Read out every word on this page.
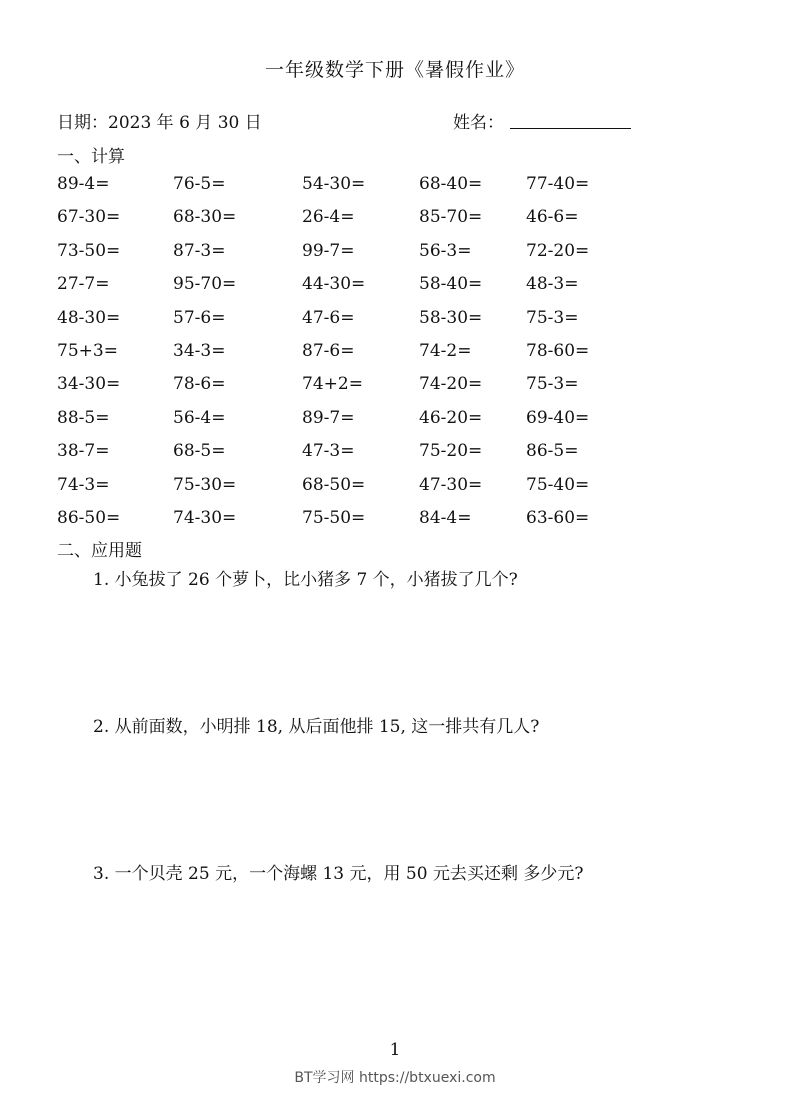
一年级数学下册《暑假作业》
日期：2023 年 6 月 30 日	姓名：
一、计算
89-4=	76-5=	54-30=	68-40=	77-40=
67-30=	68-30=	26-4=	85-70=	46-6=
73-50=	87-3=	99-7=	56-3=	72-20=
27-7=	95-70=	44-30=	58-40=	48-3=
48-30=	57-6=	47-6=	58-30=	75-3=
75+3=	34-3=	87-6=	74-2=	78-60=
34-30=	78-6=	74+2=	74-20=	75-3=
88-5=	56-4=	89-7=	46-20=	69-40=
38-7=	68-5=	47-3=	75-20=	86-5=
74-3=	75-30=	68-50=	47-30=	75-40=
86-50=	74-30=	75-50=	84-4=	63-60=
二、应用题
1. 小兔拔了 26 个萝卜，比小猪多 7 个，小猪拔了几个?
2. 从前面数，小明排 18, 从后面他排 15, 这一排共有几人?
3. 一个贝壳 25 元，一个海螺 13 元，用 50 元去买还剩 多少元?
1
BT学习网 https://btxuexi.com
